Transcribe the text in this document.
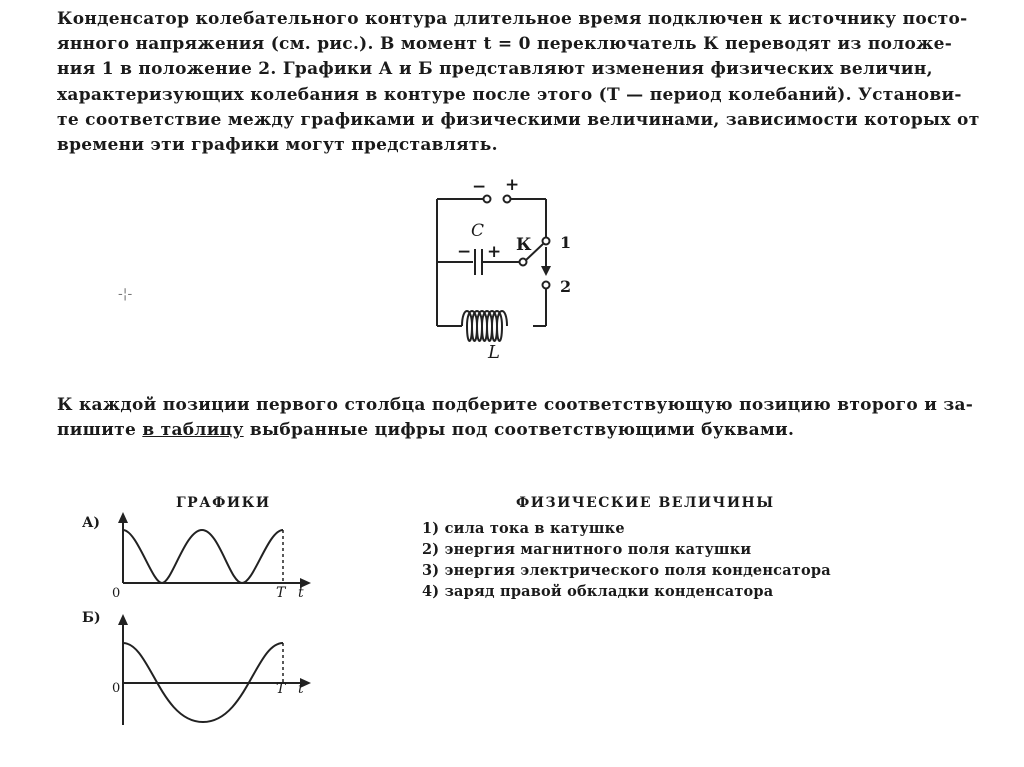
Конденсатор колебательного контура длительное время подключен к источнику посто-
янного напряжения (см. рис.). В момент t = 0 переключатель К переводят из положе-
ния 1 в положение 2. Графики А и Б представляют изменения физических величин,
характеризующих колебания в контуре после этого (T — период колебаний). Установи-
те соответствие между графиками и физическими величинами, зависимости которых от
времени эти графики могут представлять.
− +
C
− + К 1
2
L
-¦-
К каждой позиции первого столбца подберите соответствующую позицию второго и за-
пишите в таблицу выбранные цифры под соответствующими буквами.
ГРАФИКИ	ФИЗИЧЕСКИЕ ВЕЛИЧИНЫ
1) сила тока в катушке
2) энергия магнитного поля катушки
3) энергия электрического поля конденсатора
4) заряд правой обкладки конденсатора
А)
0	T t
Б)
0	T t
